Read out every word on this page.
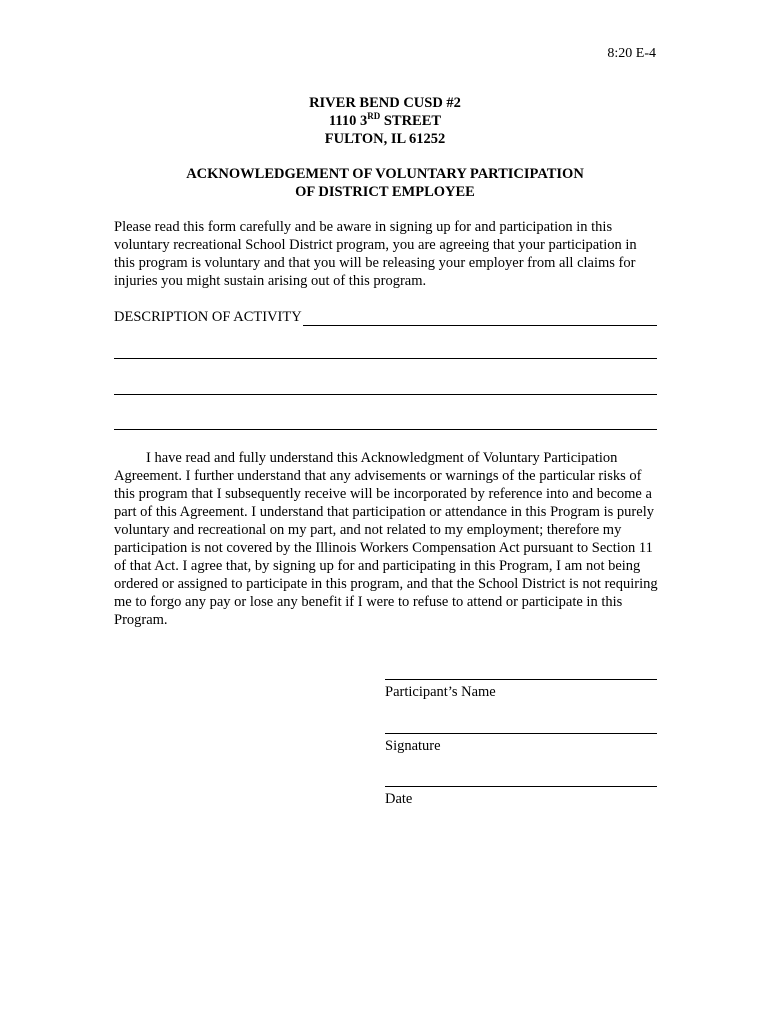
8:20 E-4
RIVER BEND CUSD #2
1110 3RD STREET
FULTON, IL 61252
ACKNOWLEDGEMENT OF VOLUNTARY PARTICIPATION
OF DISTRICT EMPLOYEE

Please read this form carefully and be aware in signing up for and participation in this voluntary recreational School District program, you are agreeing that your participation in this program is voluntary and that you will be releasing your employer from all claims for injuries you might sustain arising out of this program.

DESCRIPTION OF ACTIVITY

I have read and fully understand this Acknowledgment of Voluntary Participation Agreement. I further understand that any advisements or warnings of the particular risks of this program that I subsequently receive will be incorporated by reference into and become a part of this Agreement. I understand that participation or attendance in this Program is purely voluntary and recreational on my part, and not related to my employment; therefore my participation is not covered by the Illinois Workers Compensation Act pursuant to Section 11 of that Act. I agree that, by signing up for and participating in this Program, I am not being ordered or assigned to participate in this program, and that the School District is not requiring me to forgo any pay or lose any benefit if I were to refuse to attend or participate in this Program.

Participant’s Name
Signature
Date
